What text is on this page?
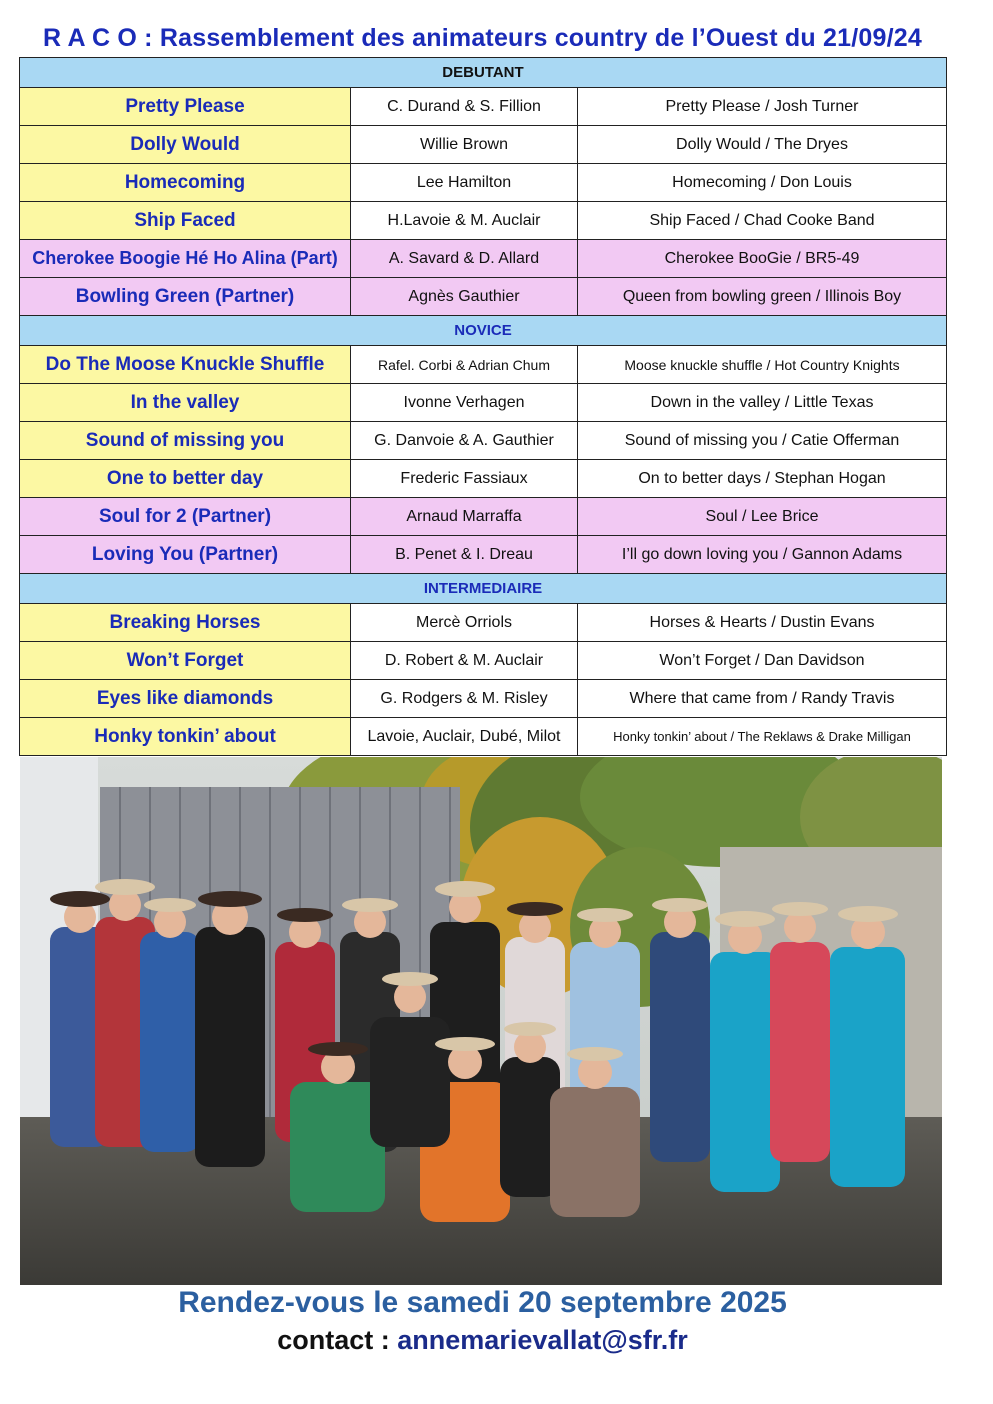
R A C O : Rassemblement des animateurs country de l’Ouest du 21/09/24
DEBUTANT		
Pretty Please	C. Durand & S. Fillion	Pretty Please / Josh Turner
Dolly Would	Willie Brown	Dolly Would / The Dryes
Homecoming	Lee Hamilton	Homecoming / Don Louis
Ship Faced	H.Lavoie & M. Auclair	Ship Faced / Chad Cooke Band
Cherokee Boogie Hé Ho Alina (Part)	A. Savard & D. Allard	Cherokee BooGie / BR5-49
Bowling Green (Partner)	Agnès Gauthier	Queen from bowling green / Illinois Boy
NOVICE		
Do The Moose Knuckle Shuffle	Rafel. Corbi & Adrian Chum	Moose knuckle shuffle / Hot Country Knights
In the valley	Ivonne Verhagen	Down in the valley / Little Texas
Sound of missing you	G. Danvoie & A. Gauthier	Sound of missing you / Catie Offerman
One to better day	Frederic Fassiaux	On to better days / Stephan Hogan
Soul for 2 (Partner)	Arnaud Marraffa	Soul / Lee Brice
Loving You (Partner)	B. Penet & I. Dreau	I’ll go down loving you / Gannon Adams
INTERMEDIAIRE		
Breaking Horses	Mercè Orriols	Horses & Hearts / Dustin Evans
Won’t Forget	D. Robert & M. Auclair	Won’t Forget / Dan Davidson
Eyes like diamonds	G. Rodgers & M. Risley	Where that came from / Randy Travis
Honky tonkin’ about	Lavoie, Auclair, Dubé, Milot	Honky tonkin’ about / The Reklaws & Drake Milligan
Rendez-vous le samedi 20 septembre 2025
contact : annemarievallat@sfr.fr
